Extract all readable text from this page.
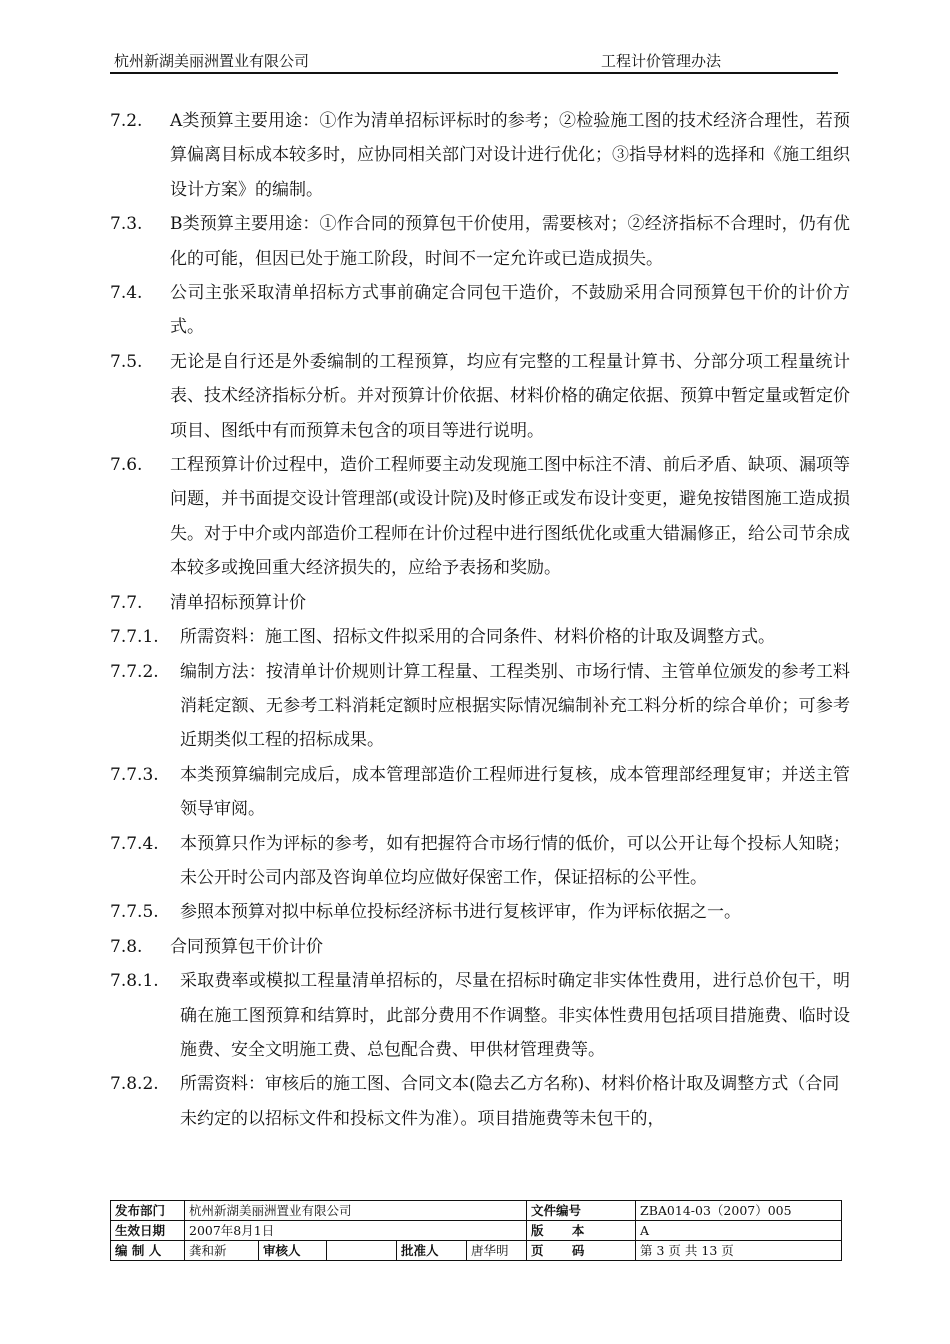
杭州新湖美丽洲置业有限公司	工程计价管理办法
7.2. A类预算主要用途：①作为清单招标评标时的参考；②检验施工图的技术经济合理性，若预算偏离目标成本较多时，应协同相关部门对设计进行优化；③指导材料的选择和《施工组织设计方案》的编制。
7.3. B类预算主要用途：①作合同的预算包干价使用，需要核对；②经济指标不合理时，仍有优化的可能，但因已处于施工阶段，时间不一定允许或已造成损失。
7.4. 公司主张采取清单招标方式事前确定合同包干造价，不鼓励采用合同预算包干价的计价方式。
7.5. 无论是自行还是外委编制的工程预算，均应有完整的工程量计算书、分部分项工程量统计表、技术经济指标分析。并对预算计价依据、材料价格的确定依据、预算中暂定量或暂定价项目、图纸中有而预算未包含的项目等进行说明。
7.6. 工程预算计价过程中，造价工程师要主动发现施工图中标注不清、前后矛盾、缺项、漏项等问题，并书面提交设计管理部(或设计院)及时修正或发布设计变更，避免按错图施工造成损失。对于中介或内部造价工程师在计价过程中进行图纸优化或重大错漏修正，给公司节余成本较多或挽回重大经济损失的，应给予表扬和奖励。
7.7. 清单招标预算计价
7.7.1. 所需资料：施工图、招标文件拟采用的合同条件、材料价格的计取及调整方式。
7.7.2. 编制方法：按清单计价规则计算工程量、工程类别、市场行情、主管单位颁发的参考工料消耗定额、无参考工料消耗定额时应根据实际情况编制补充工料分析的综合单价；可参考近期类似工程的招标成果。
7.7.3. 本类预算编制完成后，成本管理部造价工程师进行复核，成本管理部经理复审；并送主管领导审阅。
7.7.4. 本预算只作为评标的参考，如有把握符合市场行情的低价，可以公开让每个投标人知晓；未公开时公司内部及咨询单位均应做好保密工作，保证招标的公平性。
7.7.5. 参照本预算对拟中标单位投标经济标书进行复核评审，作为评标依据之一。
7.8. 合同预算包干价计价
7.8.1. 采取费率或模拟工程量清单招标的，尽量在招标时确定非实体性费用，进行总价包干，明确在施工图预算和结算时，此部分费用不作调整。非实体性费用包括项目措施费、临时设施费、安全文明施工费、总包配合费、甲供材管理费等。
7.8.2. 所需资料：审核后的施工图、合同文本(隐去乙方名称)、材料价格计取及调整方式（合同未约定的以招标文件和投标文件为准）。项目措施费等未包干的，
发布部门	杭州新湖美丽洲置业有限公司					文件编号	ZBA014-03（2007）005
生效日期	2007年8月1日					版 本	A
编 制 人	龚和新	审核人		批准人	唐华明	页 码	第 3 页 共 13 页
